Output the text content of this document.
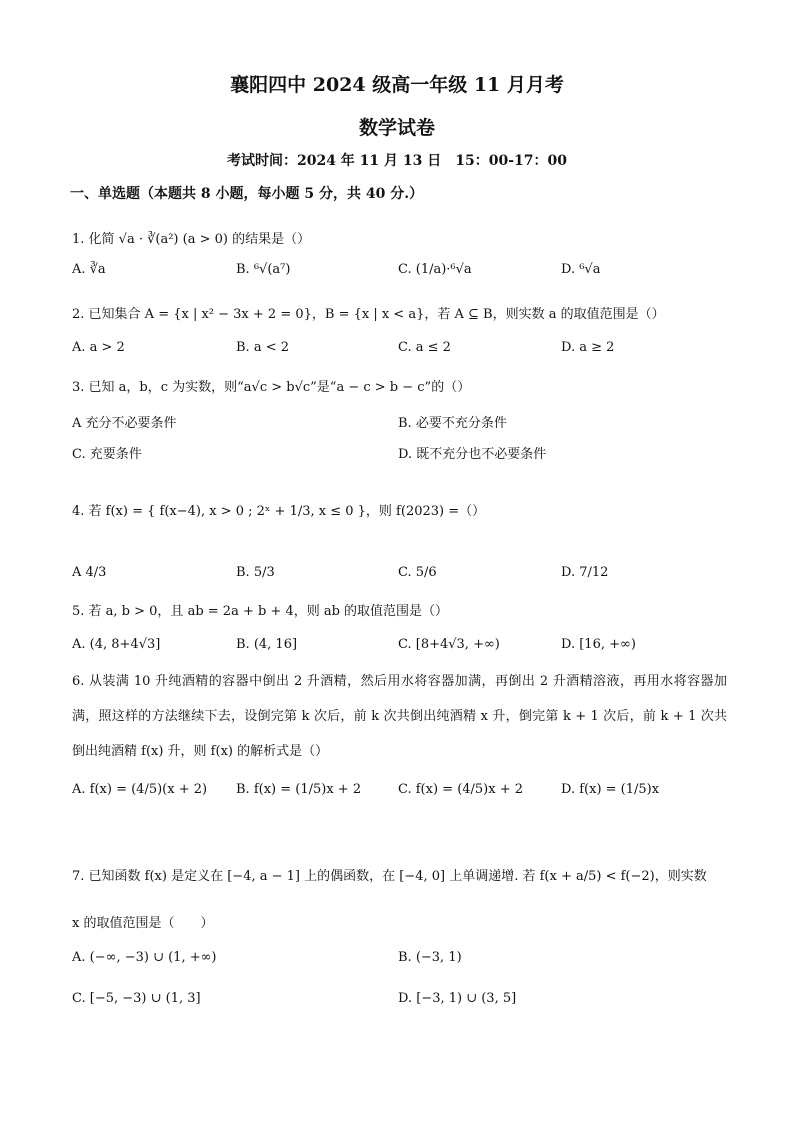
襄阳四中 2024 级高一年级 11 月月考
数学试卷
考试时间：2024 年 11 月 13 日　15：00-17：00
一、单选题（本题共 8 小题，每小题 5 分，共 40 分.）
1. 化简 √a · ∛(a²) (a > 0) 的结果是（）
A. ∛a	B. ⁶√(a⁷)	C. (1/a)·⁶√a	D. ⁶√a
2. 已知集合 A = {x | x² − 3x + 2 = 0}，B = {x | x < a}，若 A ⊆ B，则实数 a 的取值范围是（）
A. a > 2	B. a < 2	C. a ≤ 2	D. a ≥ 2
3. 已知 a，b，c 为实数，则“a√c > b√c”是“a − c > b − c”的（）
A 充分不必要条件	B. 必要不充分条件
C. 充要条件	D. 既不充分也不必要条件
4. 若 f(x) = { f(x−4), x > 0 ; 2ˣ + 1/3, x ≤ 0 }，则 f(2023) =（）
A 4/3	B. 5/3	C. 5/6	D. 7/12
5. 若 a, b > 0，且 ab = 2a + b + 4，则 ab 的取值范围是（）
A. (4, 8+4√3]	B. (4, 16]	C. [8+4√3, +∞)	D. [16, +∞)
6. 从装满 10 升纯酒精的容器中倒出 2 升酒精，然后用水将容器加满，再倒出 2 升酒精溶液，再用水将容器加满，照这样的方法继续下去，设倒完第 k 次后，前 k 次共倒出纯酒精 x 升，倒完第 k + 1 次后，前 k + 1 次共倒出纯酒精 f(x) 升，则 f(x) 的解析式是（）
A. f(x) = (4/5)(x + 2) B. f(x) = (1/5)x + 2	C. f(x) = (4/5)x + 2	D. f(x) = (1/5)x
7. 已知函数 f(x) 是定义在 [−4, a − 1] 上的偶函数，在 [−4, 0] 上单调递增. 若 f(x + a/5) < f(−2)，则实数
x 的取值范围是（　　）
A. (−∞, −3) ∪ (1, +∞)	B. (−3, 1)
C. [−5, −3) ∪ (1, 3]	D. [−3, 1) ∪ (3, 5]
